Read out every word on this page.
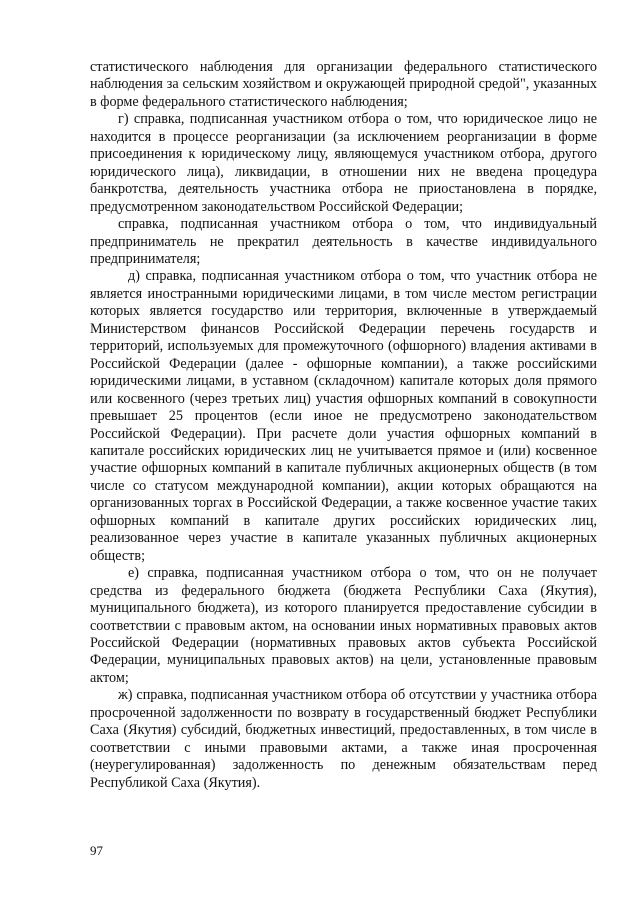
статистического наблюдения для организации федерального статистического наблюдения за сельским хозяйством и окружающей природной средой", указанных в форме федерального статистического наблюдения;

г) справка, подписанная участником отбора о том, что юридическое лицо не находится в процессе реорганизации (за исключением реорганизации в форме присоединения к юридическому лицу, являющемуся участником отбора, другого юридического лица), ликвидации, в отношении них не введена процедура банкротства, деятельность участника отбора не приостановлена в порядке, предусмотренном законодательством Российской Федерации;

справка, подписанная участником отбора о том, что индивидуальный предприниматель не прекратил деятельность в качестве индивидуального предпринимателя;

д) справка, подписанная участником отбора о том, что участник отбора не является иностранными юридическими лицами, в том числе местом регистрации которых является государство или территория, включенные в утверждаемый Министерством финансов Российской Федерации перечень государств и территорий, используемых для промежуточного (офшорного) владения активами в Российской Федерации (далее - офшорные компании), а также российскими юридическими лицами, в уставном (складочном) капитале которых доля прямого или косвенного (через третьих лиц) участия офшорных компаний в совокупности превышает 25 процентов (если иное не предусмотрено законодательством Российской Федерации). При расчете доли участия офшорных компаний в капитале российских юридических лиц не учитывается прямое и (или) косвенное участие офшорных компаний в капитале публичных акционерных обществ (в том числе со статусом международной компании), акции которых обращаются на организованных торгах в Российской Федерации, а также косвенное участие таких офшорных компаний в капитале других российских юридических лиц, реализованное через участие в капитале указанных публичных акционерных обществ;

е) справка, подписанная участником отбора о том, что он не получает средства из федерального бюджета (бюджета Республики Саха (Якутия), муниципального бюджета), из которого планируется предоставление субсидии в соответствии с правовым актом, на основании иных нормативных правовых актов Российской Федерации (нормативных правовых актов субъекта Российской Федерации, муниципальных правовых актов) на цели, установленные правовым актом;

ж) справка, подписанная участником отбора об отсутствии у участника отбора просроченной задолженности по возврату в государственный бюджет Республики Саха (Якутия) субсидий, бюджетных инвестиций, предоставленных, в том числе в соответствии с иными правовыми актами, а также иная просроченная (неурегулированная) задолженность по денежным обязательствам перед Республикой Саха (Якутия).

97
